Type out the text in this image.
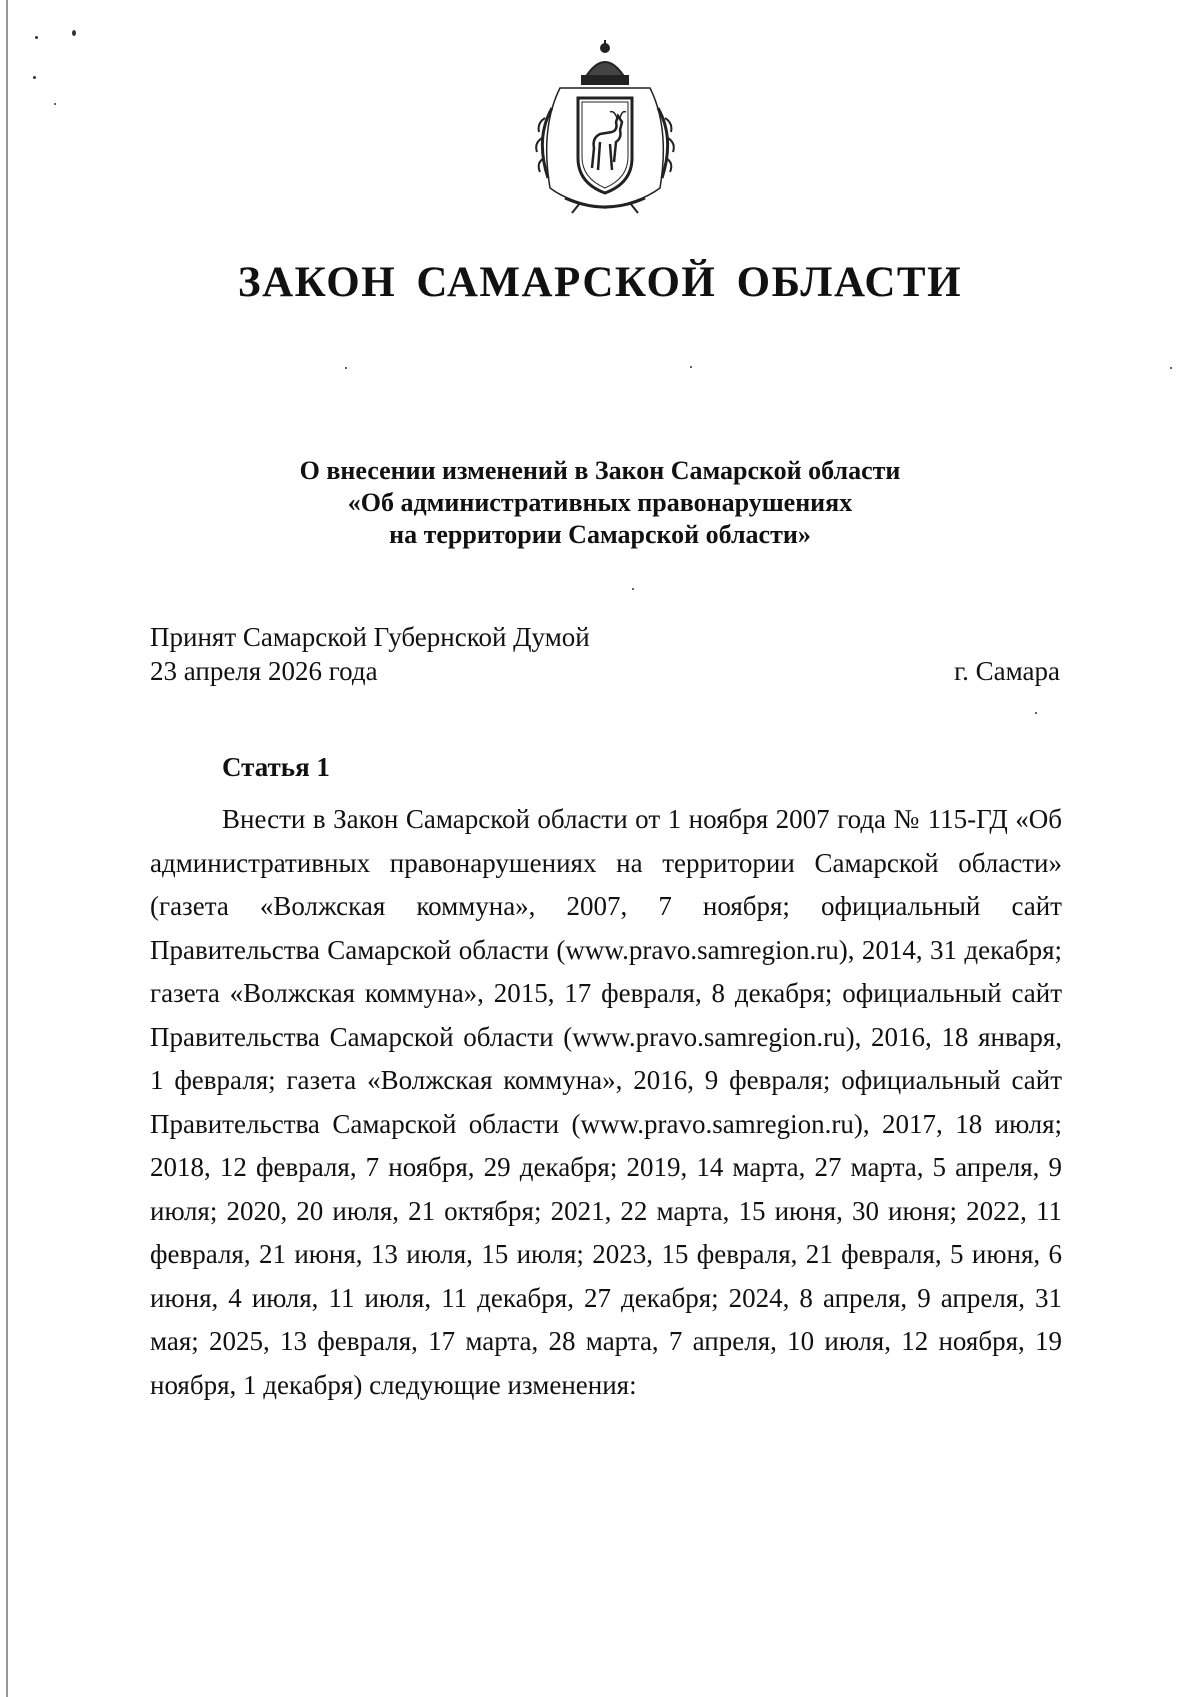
ЗАКОН САМАРСКОЙ ОБЛАСТИ
О внесении изменений в Закон Самарской области
«Об административных правонарушениях
на территории Самарской области»
Принят Самарской Губернской Думой
23 апреля 2026 года	г. Самара
Статья 1

Внести в Закон Самарской области от 1 ноября 2007 года № 115-ГД «Об административных правонарушениях на территории Самарской области» (газета «Волжская коммуна», 2007, 7 ноября; официальный сайт Правительства Самарской области (www.pravo.samregion.ru), 2014, 31 декабря; газета «Волжская коммуна», 2015, 17 февраля, 8 декабря; официальный сайт Правительства Самарской области (www.pravo.samregion.ru), 2016, 18 января, 1 февраля; газета «Волжская коммуна», 2016, 9 февраля; официальный сайт Правительства Самарской области (www.pravo.samregion.ru), 2017, 18 июля; 2018, 12 февраля, 7 ноября, 29 декабря; 2019, 14 марта, 27 марта, 5 апреля, 9 июля; 2020, 20 июля, 21 октября; 2021, 22 марта, 15 июня, 30 июня; 2022, 11 февраля, 21 июня, 13 июля, 15 июля; 2023, 15 февраля, 21 февраля, 5 июня, 6 июня, 4 июля, 11 июля, 11 декабря, 27 декабря; 2024, 8 апреля, 9 апреля, 31 мая; 2025, 13 февраля, 17 марта, 28 марта, 7 апреля, 10 июля, 12 ноября, 19 ноября, 1 декабря) следующие изменения:
